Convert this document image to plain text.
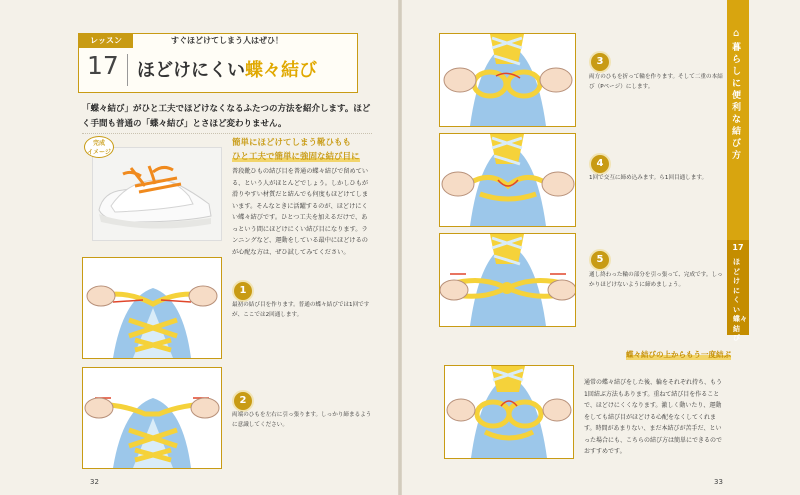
レッスン	すぐほどけてしまう人はぜひ！
17 ほどけにくい蝶々結び
「蝶々結び」がひと工夫でほどけなくなるふたつの方法を紹介します。ほどく手間も普通の「蝶々結び」とさほど変わりません。
完成
イメージ
簡単にほどけてしまう靴ひもも
ひと工夫で簡単に強固な結び目に
普段靴ひもの結び目を普通の蝶々結びで留めている、という人がほとんどでしょう。しかしひもが滑りやすい材質だと結んでも何度もほどけてしまいます。そんなときに活躍するのが、ほどけにくい蝶々結びです。ひとつ工夫を加えるだけで、あっという間にほどけにくい結び目になります。ランニングなど、運動をしている最中にほどけるのが心配な方は、ぜひ試してみてください。
1
最初の結び目を作ります。普通の蝶々結びでは1回ですが、ここでは2回通します。
2
両端のひもを左右に引っ張ります。しっかり締まるように意識してください。
32
3
両方のひもを折って輪を作ります。そして二重の本結び（Pページ）にします。
4
1回で交互に締め込みます。ら1回目通します。
5
通し終わった輪の部分を引っ張って、完成です。しっかりほどけないように締めましょう。
蝶々結びの上からもう一度結ぶ
通常の蝶々結びをした後、輪をそれぞれ持ち、もう1回結ぶ方法もあります。重ねて結び目を作ることで、ほどけにくくなります。激しく動いたり、運動をしても結び目がほどける心配をなくしてくれます。時間があまりない、まだ本結びが苦手だ、といった場合にも、こちらの結び方は簡単にできるのでおすすめです。
33
⌂
暮らしに便利な結び方
17
ほどけにくい蝶々結び
